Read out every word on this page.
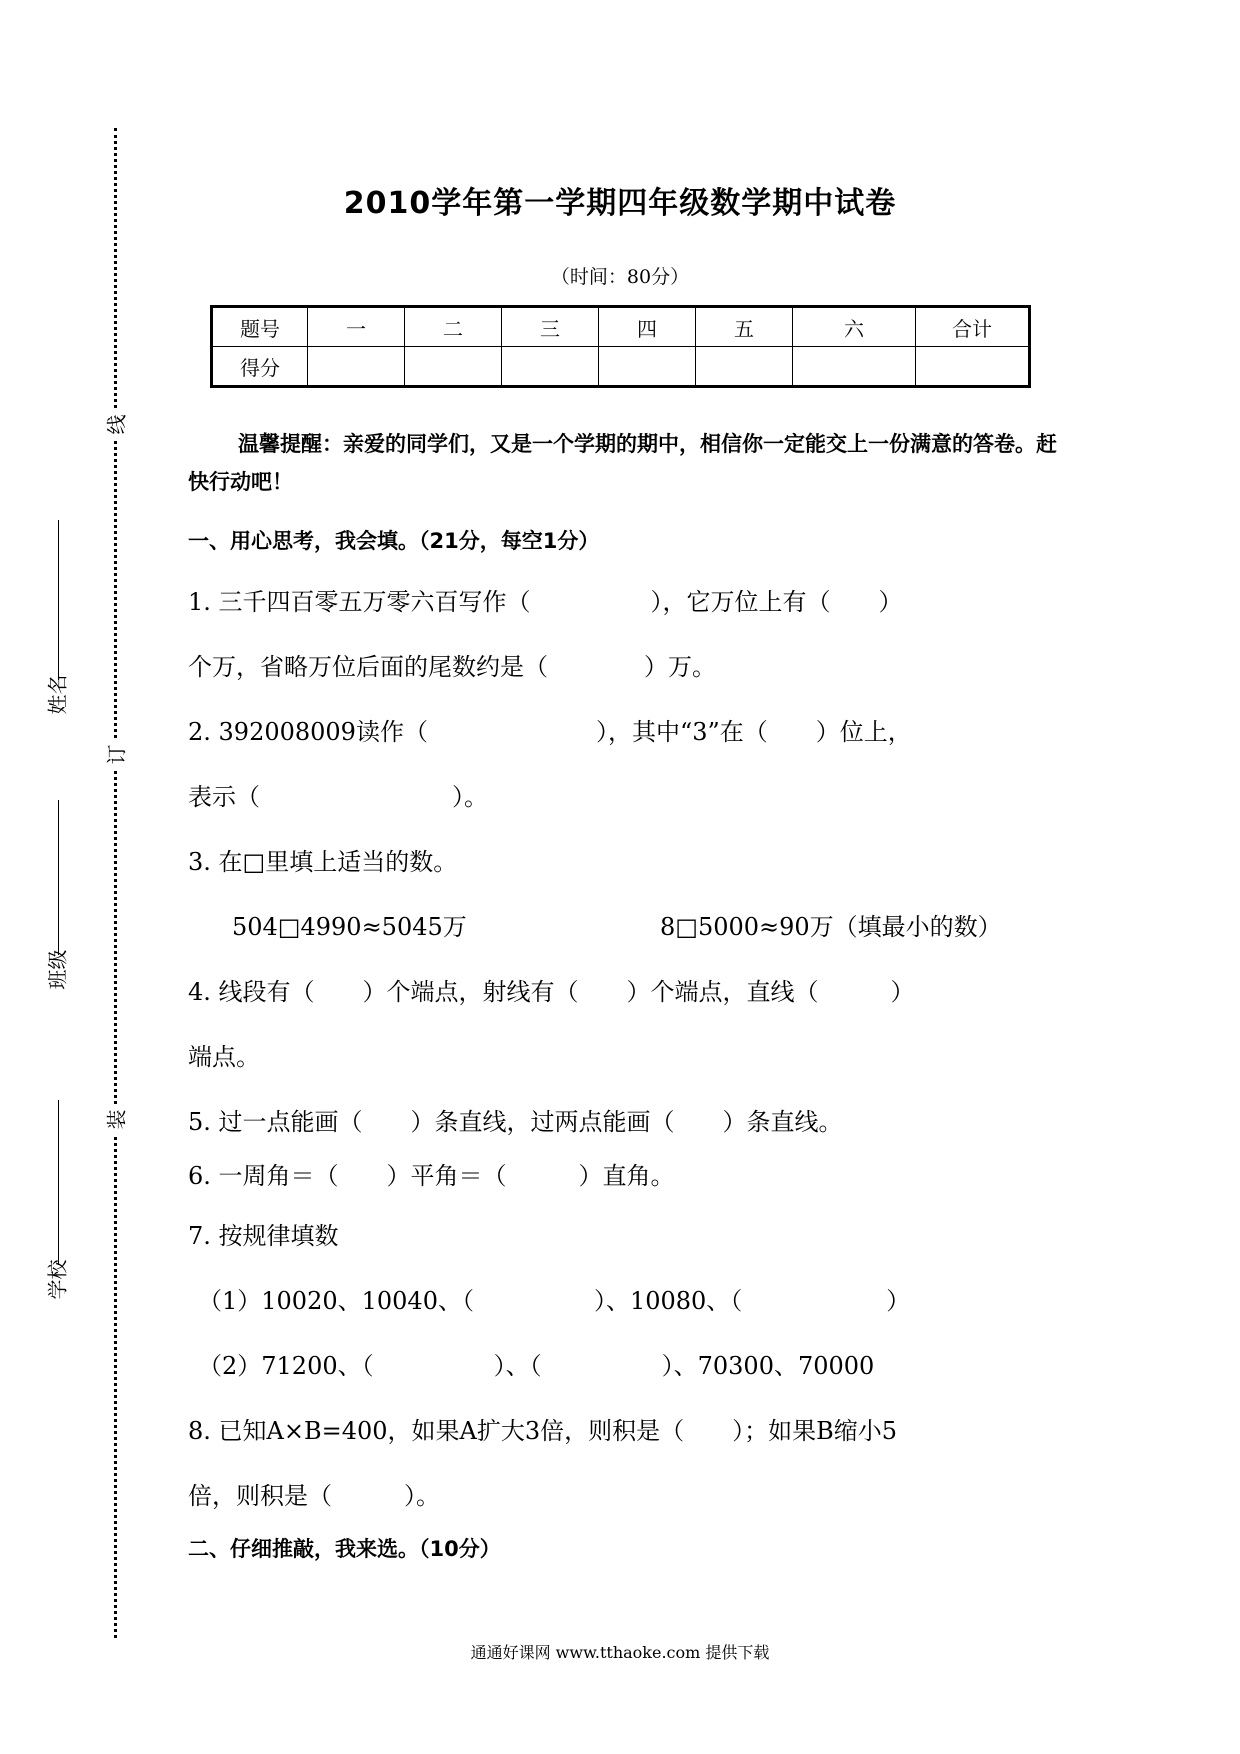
线
订
装
姓名
班级
学校
2010学年第一学期四年级数学期中试卷
（时间：80分）
题号	一	二	三	四	五	六	合计
得分							
温馨提醒：亲爱的同学们，又是一个学期的期中，相信你一定能交上一份满意的答卷。赶快行动吧！
一、用心思考，我会填。（21分，每空1分）
1. 三千四百零五万零六百写作（　　　　　），它万位上有（　　）
个万，省略万位后面的尾数约是（　　　　）万。
2. 392008009读作（　　　　　　　），其中“3”在（　　）位上，
表示（　　　　　　　　）。
3. 在□里填上适当的数。
504□4990≈5045万	8□5000≈90万（填最小的数）
4. 线段有（　　）个端点，射线有（　　）个端点，直线（　　　）
端点。
5. 过一点能画（　　）条直线，过两点能画（　　）条直线。
6. 一周角＝（　　）平角＝（　　　）直角。
7. 按规律填数
（1）10020、10040、（　　　　　）、10080、（　　　　　　）
（2）71200、（　　　　　）、（　　　　　）、70300、70000
8. 已知A×B=400，如果A扩大3倍，则积是（　　）；如果B缩小5
倍，则积是（　　　）。
二、仔细推敲，我来选。（10分）
通通好课网 www.tthaoke.com 提供下载
